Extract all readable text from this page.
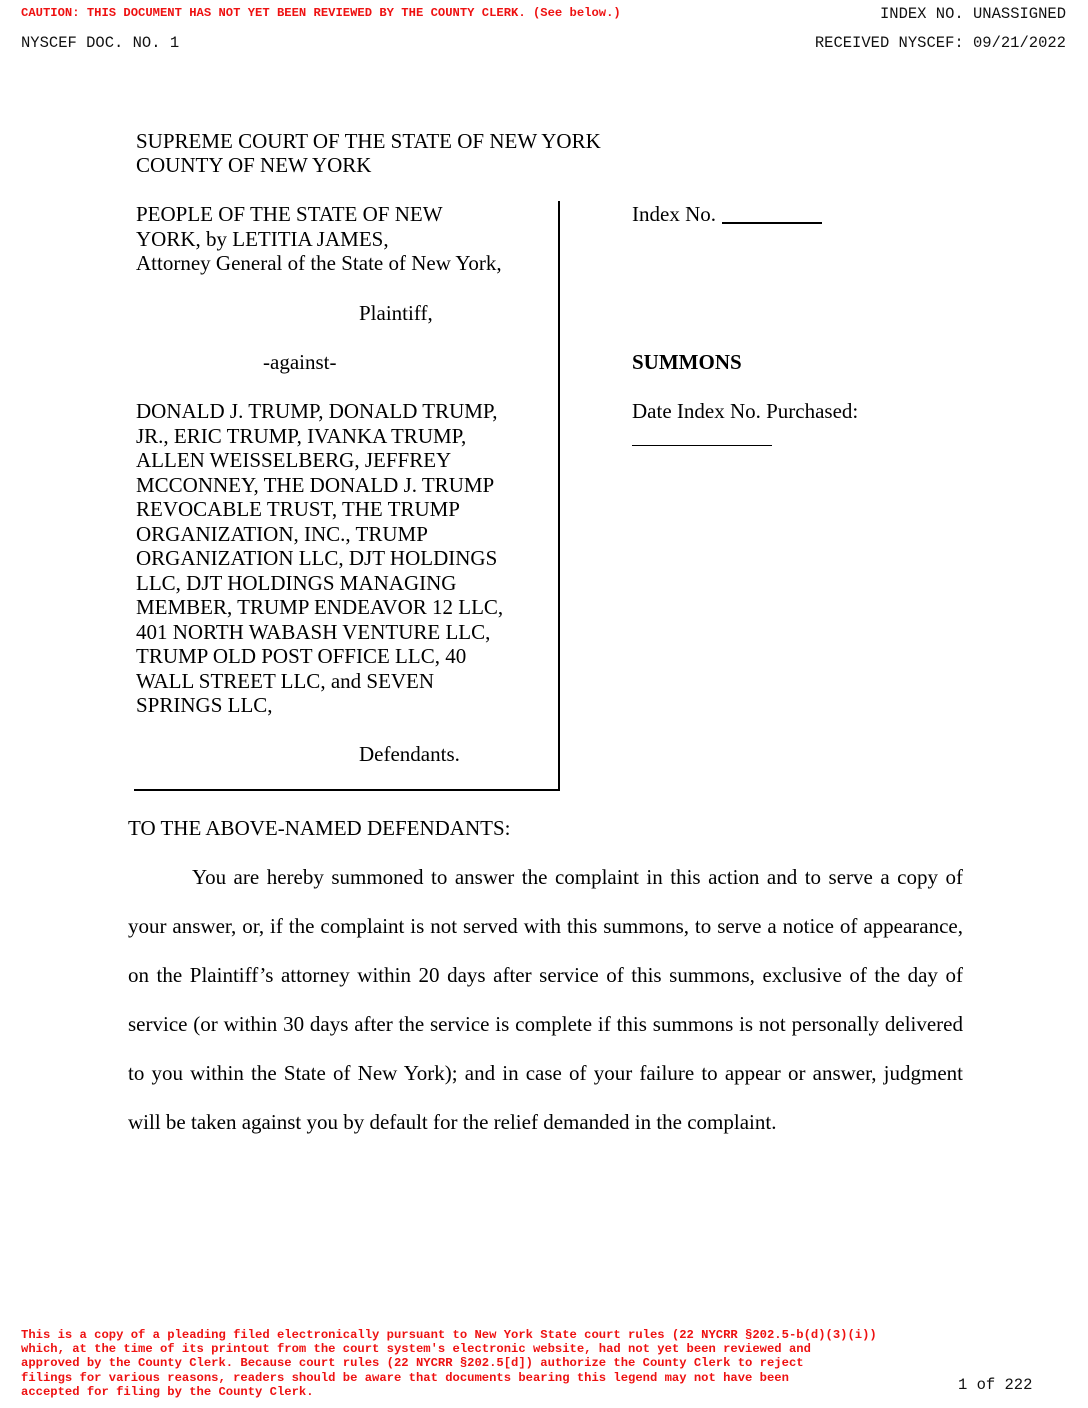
CAUTION: THIS DOCUMENT HAS NOT YET BEEN REVIEWED BY THE COUNTY CLERK. (See below.)	INDEX NO. UNASSIGNED
NYSCEF DOC. NO. 1	RECEIVED NYSCEF: 09/21/2022
SUPREME COURT OF THE STATE OF NEW YORK
COUNTY OF NEW YORK
PEOPLE OF THE STATE OF NEW
YORK, by LETITIA JAMES,
Attorney General of the State of New York,
Plaintiff,
-against-
DONALD J. TRUMP, DONALD TRUMP,
JR., ERIC TRUMP, IVANKA TRUMP,
ALLEN WEISSELBERG, JEFFREY
MCCONNEY, THE DONALD J. TRUMP
REVOCABLE TRUST, THE TRUMP
ORGANIZATION, INC., TRUMP
ORGANIZATION LLC, DJT HOLDINGS
LLC, DJT HOLDINGS MANAGING
MEMBER, TRUMP ENDEAVOR 12 LLC,
401 NORTH WABASH VENTURE LLC,
TRUMP OLD POST OFFICE LLC, 40
WALL STREET LLC, and SEVEN
SPRINGS LLC,
Defendants.
Index No.
SUMMONS
Date Index No. Purchased:
TO THE ABOVE-NAMED DEFENDANTS:
You are hereby summoned to answer the complaint in this action and to serve a copy of
your answer, or, if the complaint is not served with this summons, to serve a notice of appearance,
on the Plaintiff’s attorney within 20 days after service of this summons, exclusive of the day of
service (or within 30 days after the service is complete if this summons is not personally delivered
to you within the State of New York); and in case of your failure to appear or answer, judgment
will be taken against you by default for the relief demanded in the complaint.
This is a copy of a pleading filed electronically pursuant to New York State court rules (22 NYCRR §202.5-b(d)(3)(i))
which, at the time of its printout from the court system's electronic website, had not yet been reviewed and
approved by the County Clerk. Because court rules (22 NYCRR §202.5[d]) authorize the County Clerk to reject
filings for various reasons, readers should be aware that documents bearing this legend may not have been
accepted for filing by the County Clerk.	1 of 222
